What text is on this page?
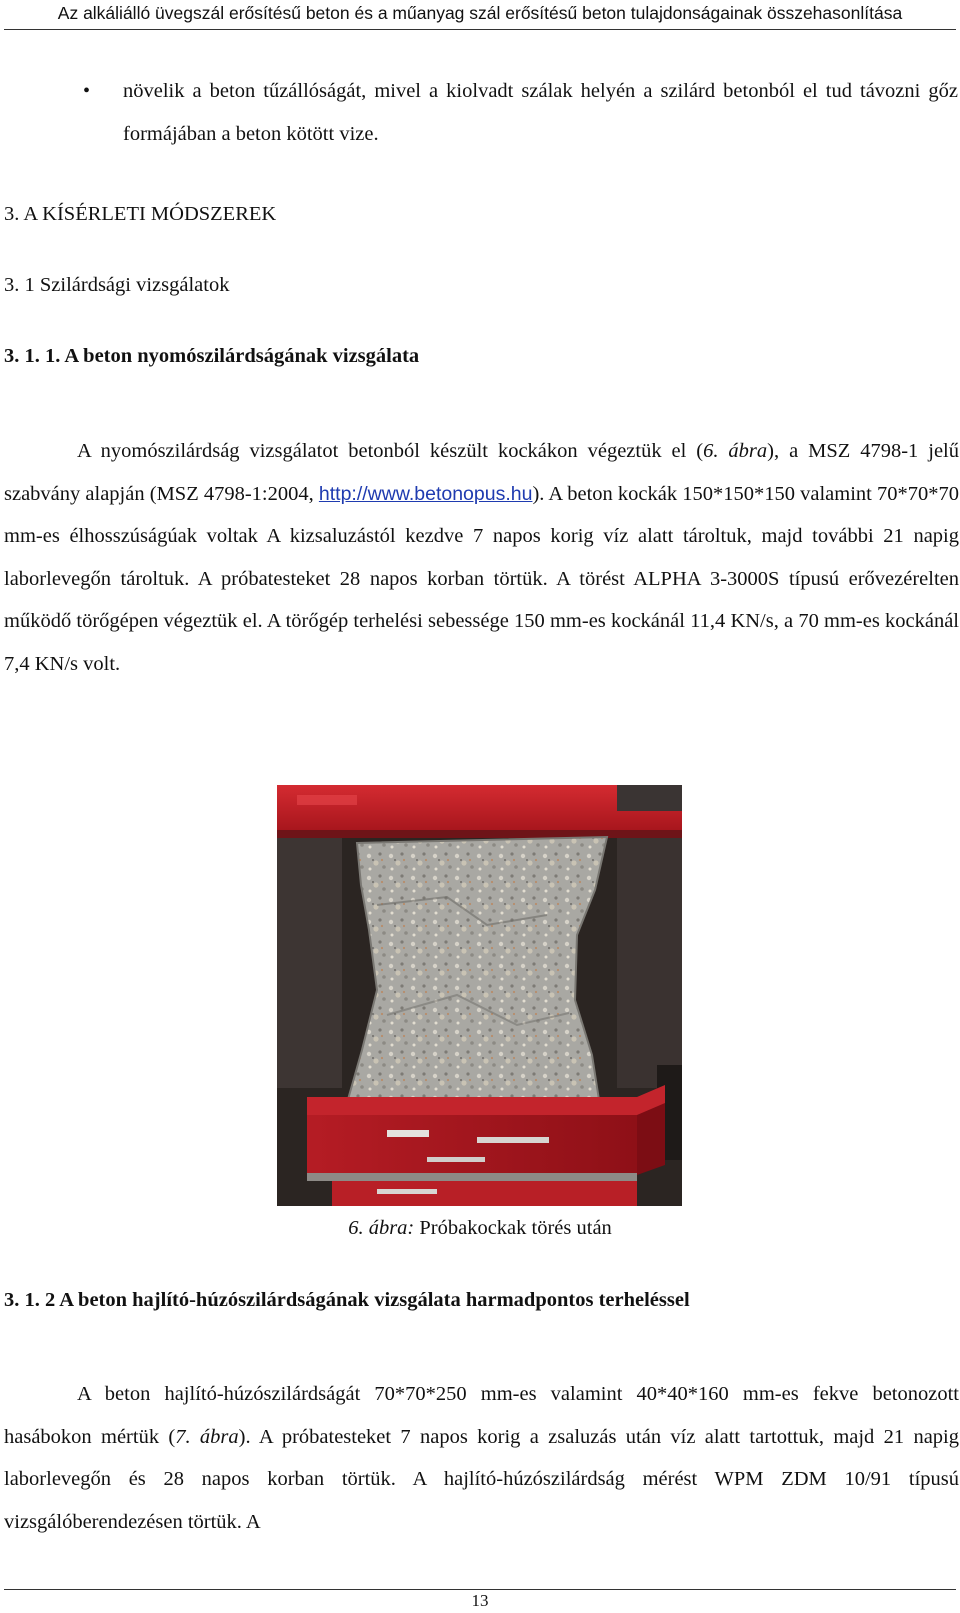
Az alkáliálló üvegszál erősítésű beton és a műanyag szál erősítésű beton tulajdonságainak összehasonlítása
•	növelik a beton tűzállóságát, mivel a kiolvadt szálak helyén a szilárd betonból el tud távozni gőz formájában a beton kötött vize.
3. A KÍSÉRLETI MÓDSZEREK
3. 1 Szilárdsági vizsgálatok
3. 1. 1. A beton nyomószilárdságának vizsgálata
A nyomószilárdság vizsgálatot betonból készült kockákon végeztük el (6. ábra), a MSZ 4798-1 jelű szabvány alapján (MSZ 4798-1:2004, http://www.betonopus.hu). A beton kockák 150*150*150 valamint 70*70*70 mm-es élhosszúságúak voltak A kizsaluzástól kezdve 7 napos korig víz alatt tároltuk, majd további 21 napig laborlevegőn tároltuk. A próbatesteket 28 napos korban törtük. A törést ALPHA 3-3000S típusú erővezérelten működő törőgépen végeztük el. A törőgép terhelési sebessége 150 mm-es kockánál 11,4 KN/s, a 70 mm-es kockánál 7,4 KN/s volt.
6. ábra: Próbakockak törés után
3. 1. 2 A beton hajlító-húzószilárdságának vizsgálata harmadpontos terheléssel
A beton hajlító-húzószilárdságát 70*70*250 mm-es valamint 40*40*160 mm-es fekve betonozott hasábokon mértük (7. ábra). A próbatesteket 7 napos korig a zsaluzás után víz alatt tartottuk, majd 21 napig laborlevegőn és 28 napos korban törtük. A hajlító-húzószilárdság mérést WPM ZDM 10/91 típusú vizsgálóberendezésen törtük. A
13
